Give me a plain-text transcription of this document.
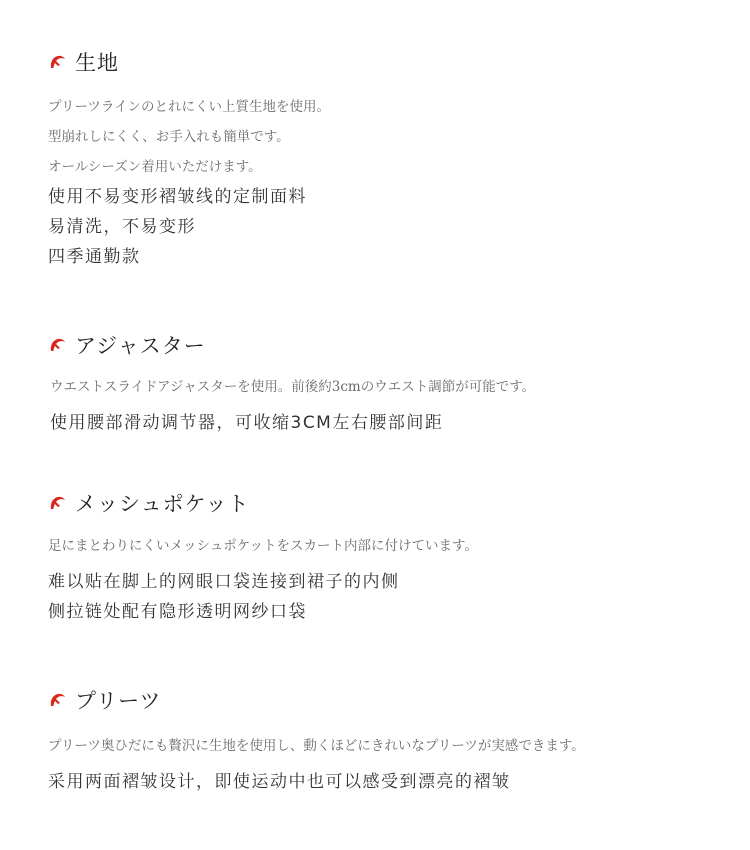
生地
プリーツラインのとれにくい上質生地を使用。
型崩れしにくく、お手入れも簡単です。
オールシーズン着用いただけます。
使用不易变形褶皱线的定制面料
易清洗，不易变形
四季通勤款
アジャスター
ウエストスライドアジャスターを使用。前後約3cmのウエスト調節が可能です。
使用腰部滑动调节器，可收缩3CM左右腰部间距
メッシュポケット
足にまとわりにくいメッシュポケットをスカート内部に付けています。
难以贴在脚上的网眼口袋连接到裙子的内侧
侧拉链处配有隐形透明网纱口袋
プリーツ
プリーツ奥ひだにも贅沢に生地を使用し、動くほどにきれいなプリーツが実感できます。
采用两面褶皱设计，即使运动中也可以感受到漂亮的褶皱
